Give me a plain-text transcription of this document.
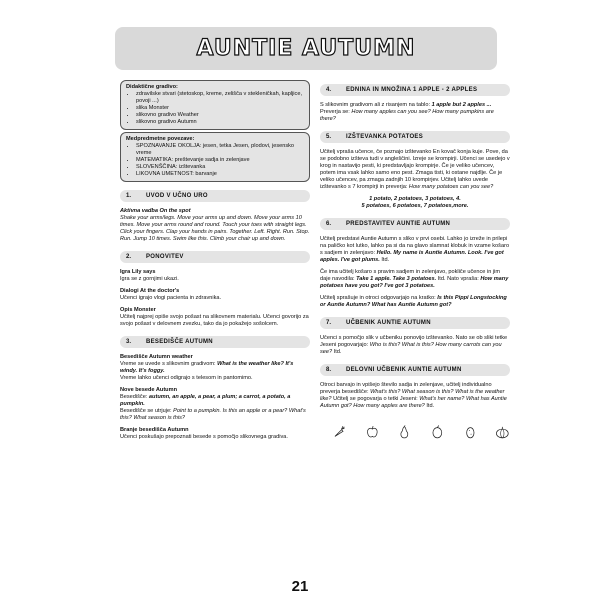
AUNTIE AUTUMN
Didaktične gradivo:
• zdravilske stvari (stetoskop, kreme, zelišča v stekleničkah, kapljice, povoji ...)
• slika Monster
• slikovno gradivo Weather
• slikovno gradivo Autumn
Medpredmetne povezave:
• SPOZNAVANJE OKOLJA: jesen, tetka Jesen, plodovi, jesensko vreme
• MATEMATIKA: preštevanje sadja in zelenjave
• SLOVENŠČINA: izštevanka
• LIKOVNA UMETNOST: barvanje
1.	UVOD V UČNO URO

Aktivna vadba On the spot
Shake your arms/legs. Move your arms up and down. Move your arms 10 times. Move your arms round and round. Touch your toes with straight legs. Click your fingers. Clap your hands in pairs. Together. Left. Right. Run. Stop. Run. Jump 10 times. Swim like this. Climb your chair up and down.

2.	PONOVITEV

Igra Lily says
Igra se z gornjimi ukazi.

Dialogi At the doctor's
Učenci igrajo vlogi pacienta in zdravnika.

Opis Monster
Učitelj najprej opiše svojo pošast na slikovnem materialu. Učenci govorijo za svojo pošast v delovnem zvezku, tako da jo pokažejo sošolcem.

3.	BESEDIŠČE AUTUMN

Besedišče Autumn weather
Vreme se uvede s slikovnim gradivom: What is the weather like? It's windy. It's foggy.
Vreme lahko učenci odigrajo s telesom in pantomimo.

Nove besede Autumn
Besedišče: autumn, an apple, a pear, a plum; a carrot, a potato, a pumpkin.
Besedišče se utrjuje: Point to a pumpkin. Is this an apple or a pear? What's this? What season is this?

Branje besedišča Autumn
Učenci poskušajo prepoznati besede s pomočjo slikovnega gradiva.

4.	EDNINA IN MNOŽINA 1 APPLE - 2 APPLES

S slikovnim gradivom ali z risanjem na tablo: 1 apple but 2 apples ... Preverja se: How many apples can you see? How many pumpkins are there?

5.	IZŠTEVANKA POTATOES

Učitelj vpraša učence, če poznajo izštevanko En kovač konja kuje. Pove, da se podobno izšteva tudi v angleščini. Izreje se krompirji. Učenci se usedejo v krog in nastavijo pesti, ki predstavljajo krompirje. Če je veliko učencev, potem ima vsak lahko samo eno pest. Zmaga tisti, ki ostane najdlje. Če je veliko učencev, pa zmaga zadnjih 10 krompirjev. Učitelj lahko uvede izštevanko s 7 krompirji in preverja: How many potatoes can you see?

1 potato, 2 potatoes, 3 potatoes, 4.
5 potatoes, 6 potatoes, 7 potatoes,more.
6.	PREDSTAVITEV AUNTIE AUTUMN

Učitelj predstavi Auntie Autumn s sliko v prvi osebi. Lahko jo izreže in prilepi na paličko kot lutko, lahko pa si da na glavo slamnat klobuk in vzame košaro s sadjem in zelenjavo: Hello. My name is Auntie Autumn. Look. I've got apples. I've got plums. Itd.

Če ima učitelj košaro s pravim sadjem in zelenjavo, pokliče učence in jim daje navodila: Take 1 apple. Take 3 potatoes. Itd. Nato vpraša: How many potatoes have you got? I've got 3 potatoes.

Učitelj sprašuje in otroci odgovarjajo na kratko: Is this Pippi Longstocking or Auntie Autumn? What has Auntie Autumn got?

7.	UČBENIK AUNTIE AUTUMN

Učenci s pomočjo slik v učbeniku ponovijo izštevanko. Nato se ob sliki tetke Jeseni pogovarjajo: Who is this? What is this? How many carrots can you see? Itd.

8.	DELOVNI UČBENIK AUNTIE AUTUMN

Otroci barvajo in vpišejo število sadja in zelenjave, učitelj individualno preverja besedišče: What's this? What season is this? What is the weather like? Učitelj se pogovarja o tetki Jeseni: What's her name? What has Auntie Autumn got? How many apples are there? Itd.

21
